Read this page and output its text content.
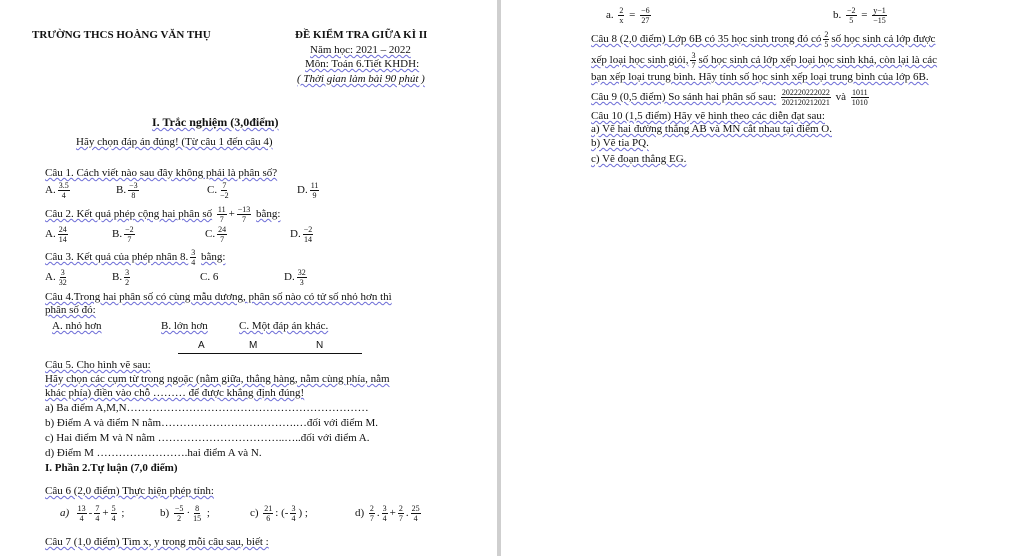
TRƯỜNG THCS HOÀNG VĂN THỤ	ĐỀ KIỂM TRA GIỮA KÌ II
Năm học: 2021 – 2022
Môn: Toán 6.Tiết KHDH:
( Thời gian làm bài 90 phút )
I. Trắc nghiệm (3,0điểm)
Hãy chọn đáp án đúng! (Từ câu 1 đến câu 4)
Câu 1. Cách viết nào sau đây không phải là phân số?
A. $\frac{3.5}{4}$	B. $\frac{-3}{8}$	C. $\frac{7}{-2}$	D. $\frac{11}{9}$
Câu 2. Kết quả phép cộng hai phân số $\frac{11}{7} + \frac{-13}{7}$ bằng:
A. $\frac{24}{14}$	B. $\frac{-2}{7}$	C. $\frac{24}{7}$	D. $\frac{-2}{14}$
Câu 3. Kết quả của phép nhân 8. $\frac{3}{4}$ bằng:
A. $\frac{3}{32}$	B. $\frac{3}{2}$	C. 6	D. $\frac{32}{3}$
Câu 4.Trong hai phân số có cùng mẫu dương, phân số nào có tử số nhỏ hơn thì
phân số đó:
A. nhỏ hơn	B. lớn hơn	C. Một đáp án khác.
A	M	N
Câu 5. Cho hình vẽ sau:
Hãy chọn các cụm từ trong ngoặc (nằm giữa, thẳng hàng, nằm cùng phía, nằm
khác phía) điền vào chỗ ……… để được khẳng định đúng!
a) Ba điểm A,M,N…………………………………………………………
b) Điểm A và điểm N nằm……………………………….…đối với điểm M.
c) Hai điểm M và N nằm ……………………………..…..đối với điểm A.
d) Điểm M …………………….hai điểm A và N.
I. Phần 2.Tự luận (7,0 điểm)
Câu 6 (2,0 điểm) Thực hiện phép tính:
$a) \frac{13}{4} - \frac{7}{4} + \frac{5}{4}$ ;	$b) \frac{-5}{2} \cdot \frac{8}{15}$ ;	$c) \frac{21}{6}$ : (- $\frac{3}{4}$ ) ;	$d) \frac{2}{7}$ . $\frac{3}{4} + \frac{2}{7}$ . $\frac{25}{4}$
Câu 7 (1,0 điểm) Tìm x, y trong mỗi câu sau, biết :
a. $\frac{2}{x} = \frac{-6}{27}$	b. $\frac{-2}{5} = \frac{y-1}{-15}$
Câu 8 (2,0 điểm) Lớp 6B có 35 học sinh trong đó có $\frac{2}{5}$ số học sinh cả lớp được
xếp loại học sinh giỏi, $\frac{3}{7}$ số học sinh cả lớp xếp loại học sinh khá, còn lại là các
bạn xếp loại trung bình. Hãy tính số học sinh xếp loại trung bình của lớp 6B.
Câu 9 (0,5 điểm) So sánh hai phân số sau: $\frac{202220222022}{202120212021}$ và $\frac{1011}{1010}$
Câu 10 (1,5 điểm) Hãy vẽ hình theo các diễn đạt sau:
a) Vẽ hai đường thẳng AB và MN cắt nhau tại điểm O.
b) Vẽ tia PQ.
c) Vẽ đoạn thẳng EG.
